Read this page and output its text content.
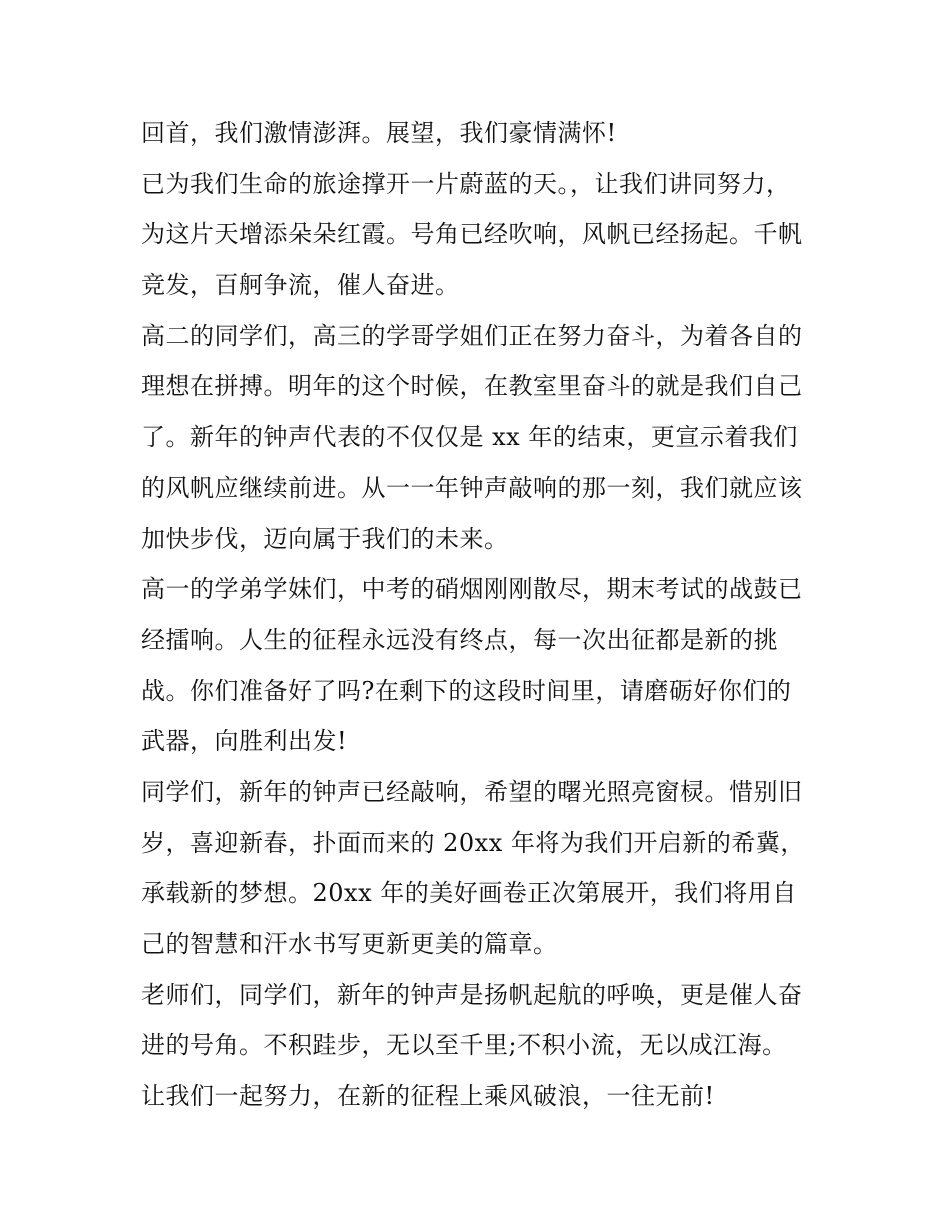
回首，我们激情澎湃。展望，我们豪情满怀!
已为我们生命的旅途撑开一片蔚蓝的天。，让我们讲同努力，
为这片天增添朵朵红霞。号角已经吹响，风帆已经扬起。千帆
竞发，百舸争流，催人奋进。
高二的同学们，高三的学哥学姐们正在努力奋斗，为着各自的
理想在拼搏。明年的这个时候，在教室里奋斗的就是我们自己
了。新年的钟声代表的不仅仅是 xx 年的结束，更宣示着我们
的风帆应继续前进。从一一年钟声敲响的那一刻，我们就应该
加快步伐，迈向属于我们的未来。
高一的学弟学妹们，中考的硝烟刚刚散尽，期末考试的战鼓已
经擂响。人生的征程永远没有终点，每一次出征都是新的挑
战。你们准备好了吗?在剩下的这段时间里，请磨砺好你们的
武器，向胜利出发!
同学们，新年的钟声已经敲响，希望的曙光照亮窗棂。惜别旧
岁，喜迎新春，扑面而来的 20xx 年将为我们开启新的希冀，
承载新的梦想。20xx 年的美好画卷正次第展开，我们将用自
己的智慧和汗水书写更新更美的篇章。
老师们，同学们，新年的钟声是扬帆起航的呼唤，更是催人奋
进的号角。不积跬步，无以至千里;不积小流，无以成江海。
让我们一起努力，在新的征程上乘风破浪，一往无前!
